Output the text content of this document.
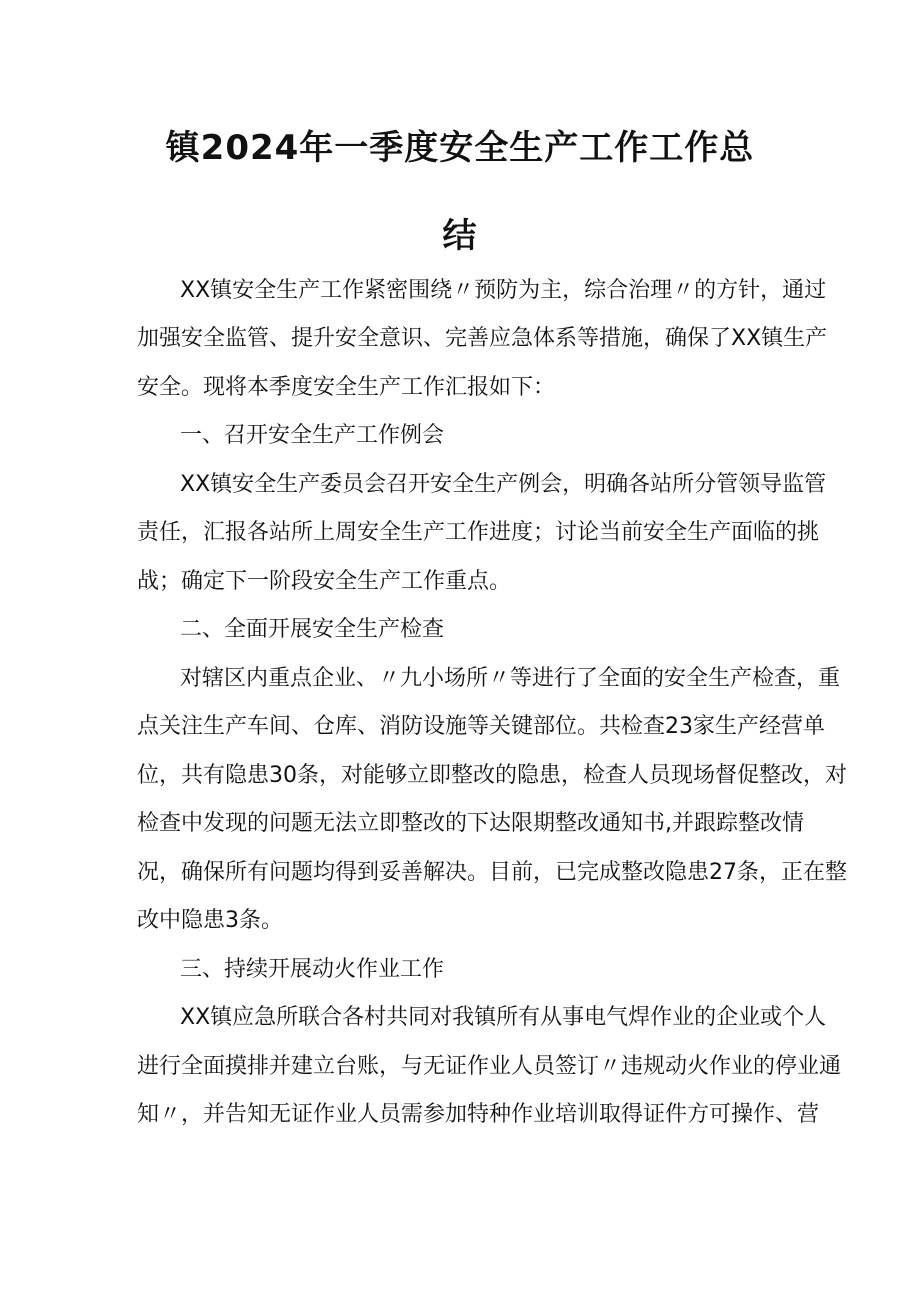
镇2024年一季度安全生产工作工作总
结

XX镇安全生产工作紧密围绕〃预防为主，综合治理〃的方针，通过

加强安全监管、提升安全意识、完善应急体系等措施，确保了XX镇生产

安全。现将本季度安全生产工作汇报如下：

一、召开安全生产工作例会

XX镇安全生产委员会召开安全生产例会，明确各站所分管领导监管

责任，汇报各站所上周安全生产工作进度；讨论当前安全生产面临的挑

战；确定下一阶段安全生产工作重点。

二、全面开展安全生产检查

对辖区内重点企业、〃九小场所〃等进行了全面的安全生产检查，重

点关注生产车间、仓库、消防设施等关键部位。共检查23家生产经营单

位，共有隐患30条，对能够立即整改的隐患，检查人员现场督促整改，对

检查中发现的问题无法立即整改的下达限期整改通知书,并跟踪整改情

况，确保所有问题均得到妥善解决。目前，已完成整改隐患27条，正在整

改中隐患3条。

三、持续开展动火作业工作

XX镇应急所联合各村共同对我镇所有从事电气焊作业的企业或个人

进行全面摸排并建立台账，与无证作业人员签订〃违规动火作业的停业通

知〃，并告知无证作业人员需参加特种作业培训取得证件方可操作、营
